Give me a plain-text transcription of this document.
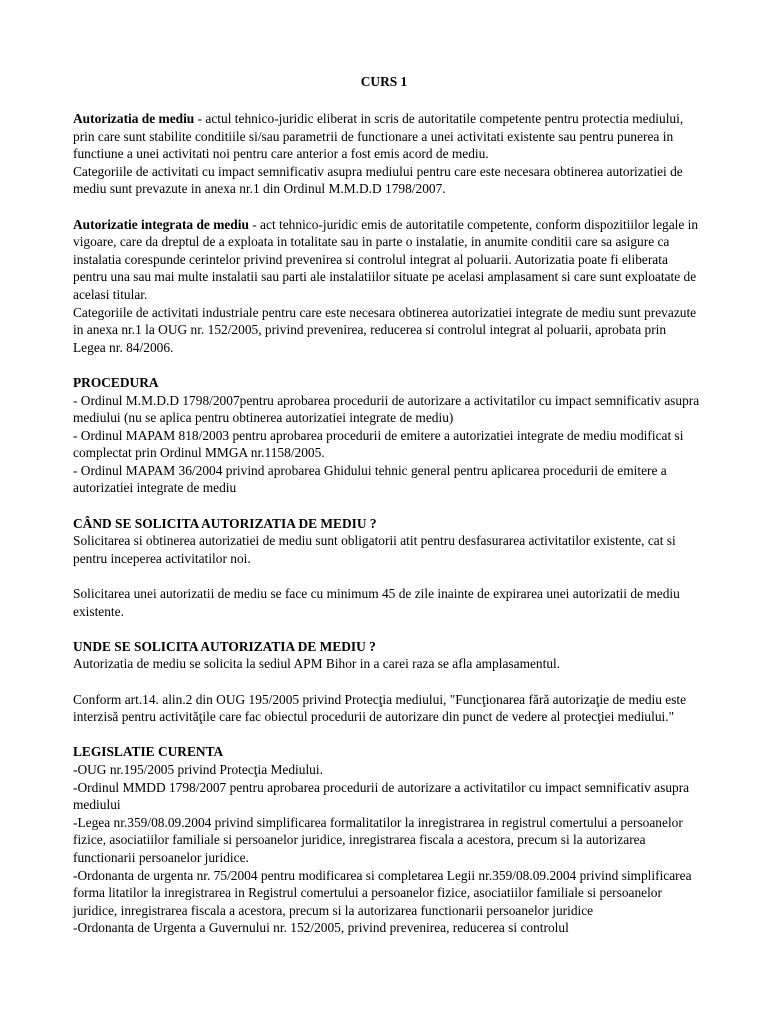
CURS 1

Autorizatia de mediu - actul tehnico-juridic eliberat in scris de autoritatile competente pentru protectia mediului, prin care sunt stabilite conditiile si/sau parametrii de functionare a unei activitati existente sau pentru punerea in functiune a unei activitati noi pentru care anterior a fost emis acord de mediu.

Categoriile de activitati cu impact semnificativ asupra mediului pentru care este necesara obtinerea autorizatiei de mediu sunt prevazute in anexa nr.1 din Ordinul M.M.D.D 1798/2007.

Autorizatie integrata de mediu - act tehnico-juridic emis de autoritatile competente, conform dispozitiilor legale in vigoare, care da dreptul de a exploata in totalitate sau in parte o instalatie, in anumite conditii care sa asigure ca instalatia corespunde cerintelor privind prevenirea si controlul integrat al poluarii. Autorizatia poate fi eliberata pentru una sau mai multe instalatii sau parti ale instalatiilor situate pe acelasi amplasament si care sunt exploatate de acelasi titular.

Categoriile de activitati industriale pentru care este necesara obtinerea autorizatiei integrate de mediu sunt prevazute in anexa nr.1 la OUG nr. 152/2005, privind prevenirea, reducerea si controlul integrat al poluarii, aprobata prin Legea nr. 84/2006.

PROCEDURA

- Ordinul M.M.D.D 1798/2007pentru aprobarea procedurii de autorizare a activitatilor cu impact semnificativ asupra mediului (nu se aplica pentru obtinerea autorizatiei integrate de mediu)

- Ordinul MAPAM 818/2003 pentru aprobarea procedurii de emitere a autorizatiei integrate de mediu modificat si complectat prin Ordinul MMGA nr.1158/2005.

- Ordinul MAPAM 36/2004 privind aprobarea Ghidului tehnic general pentru aplicarea procedurii de emitere a autorizatiei integrate de mediu

CÂND SE SOLICITA AUTORIZATIA DE MEDIU ?

Solicitarea si obtinerea autorizatiei de mediu sunt obligatorii atit pentru desfasurarea activitatilor existente, cat si pentru inceperea activitatilor noi.

Solicitarea unei autorizatii de mediu se face cu minimum 45 de zile inainte de expirarea unei autorizatii de mediu existente.

UNDE SE SOLICITA AUTORIZATIA DE MEDIU ?

Autorizatia de mediu se solicita la sediul APM Bihor in a carei raza se afla amplasamentul.

Conform art.14. alin.2 din OUG 195/2005 privind Protecţia mediului, "Funcţionarea fără autorizaţie de mediu este interzisă pentru activităţile care fac obiectul procedurii de autorizare din punct de vedere al protecţiei mediului."

LEGISLATIE CURENTA

-OUG nr.195/2005 privind Protecţia Mediului.

-Ordinul MMDD 1798/2007 pentru aprobarea procedurii de autorizare a activitatilor cu impact semnificativ asupra mediului

-Legea nr.359/08.09.2004 privind simplificarea formalitatilor la inregistrarea in registrul comertului a persoanelor fizice, asociatiilor familiale si persoanelor juridice, inregistrarea fiscala a acestora, precum si la autorizarea functionarii persoanelor juridice.

-Ordonanta de urgenta nr. 75/2004 pentru modificarea si completarea Legii nr.359/08.09.2004 privind simplificarea forma litatilor la inregistrarea in Registrul comertului a persoanelor fizice, asociatiilor familiale si persoanelor juridice, inregistrarea fiscala a acestora, precum si la autorizarea functionarii persoanelor juridice

-Ordonanta de Urgenta a Guvernului nr. 152/2005, privind prevenirea, reducerea si controlul
